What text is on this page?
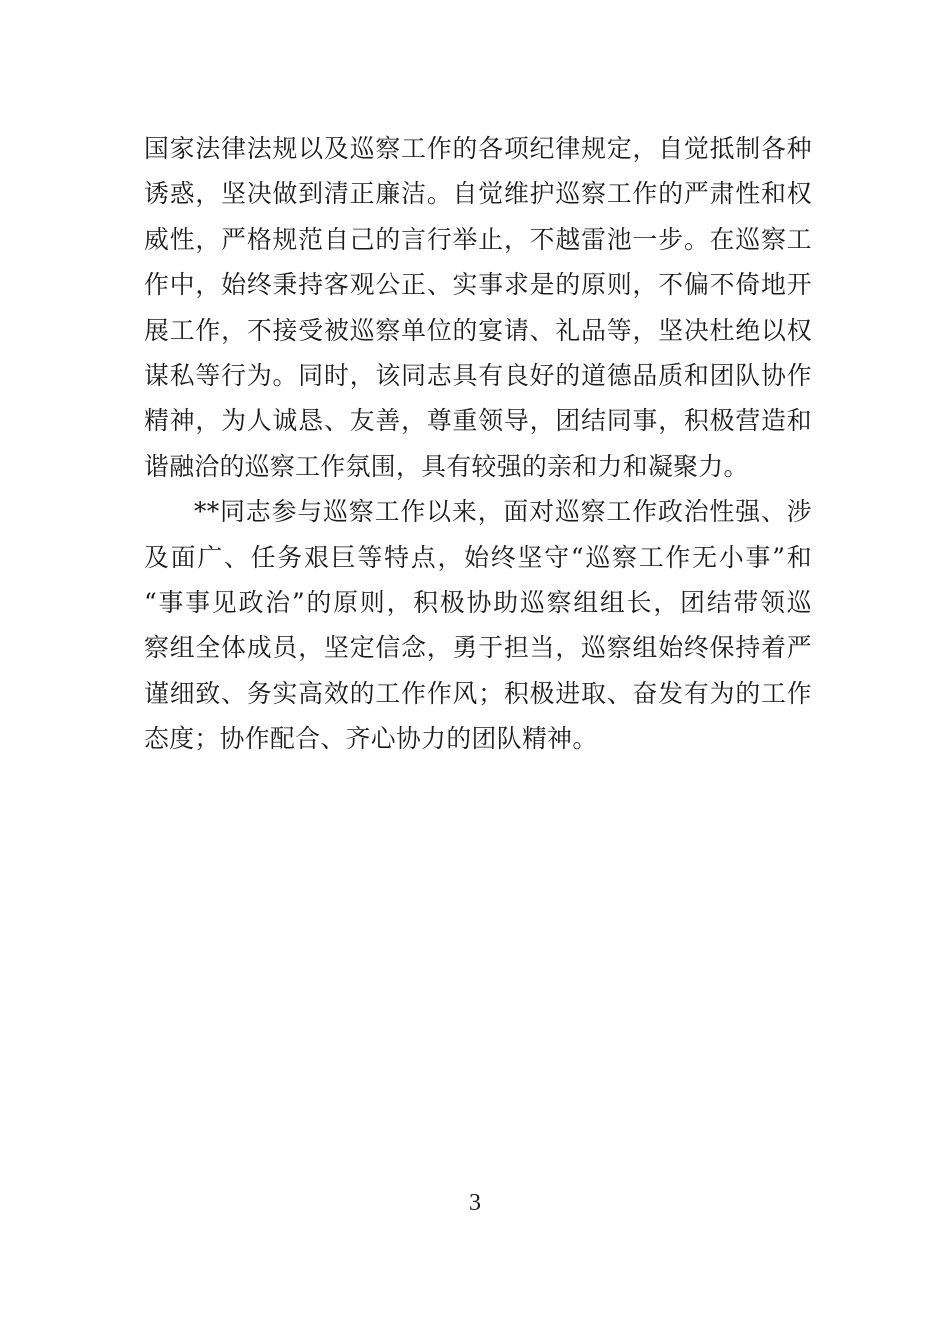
国家法律法规以及巡察工作的各项纪律规定，自觉抵制各种
诱惑，坚决做到清正廉洁。自觉维护巡察工作的严肃性和权
威性，严格规范自己的言行举止，不越雷池一步。在巡察工
作中，始终秉持客观公正、实事求是的原则，不偏不倚地开
展工作，不接受被巡察单位的宴请、礼品等，坚决杜绝以权
谋私等行为。同时，该同志具有良好的道德品质和团队协作
精神，为人诚恳、友善，尊重领导，团结同事，积极营造和
谐融洽的巡察工作氛围，具有较强的亲和力和凝聚力。
**同志参与巡察工作以来，面对巡察工作政治性强、涉
及面广、任务艰巨等特点，始终坚守“巡察工作无小事”和
“事事见政治”的原则，积极协助巡察组组长，团结带领巡
察组全体成员，坚定信念，勇于担当，巡察组始终保持着严
谨细致、务实高效的工作作风；积极进取、奋发有为的工作
态度；协作配合、齐心协力的团队精神。
3
